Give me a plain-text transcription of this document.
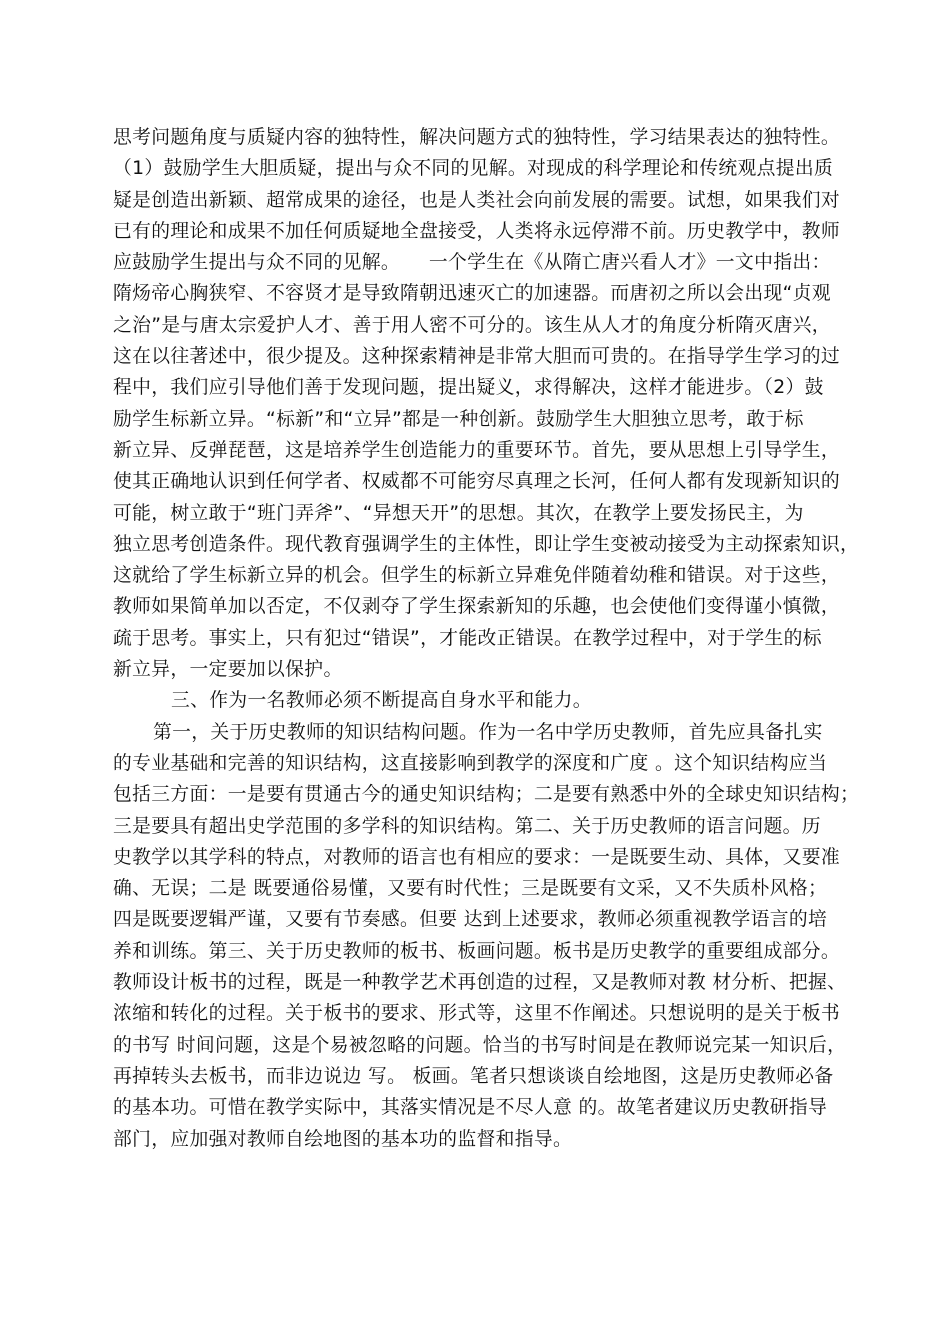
思考问题角度与质疑内容的独特性，解决问题方式的独特性，学习结果表达的独特性。
（1）鼓励学生大胆质疑，提出与众不同的见解。对现成的科学理论和传统观点提出质
疑是创造出新颖、超常成果的途径，也是人类社会向前发展的需要。试想，如果我们对
已有的理论和成果不加任何质疑地全盘接受，人类将永远停滞不前。历史教学中，教师
应鼓励学生提出与众不同的见解。　　一个学生在《从隋亡唐兴看人才》一文中指出：
隋炀帝心胸狭窄、不容贤才是导致隋朝迅速灭亡的加速器。而唐初之所以会出现“贞观
之治”是与唐太宗爱护人才、善于用人密不可分的。该生从人才的角度分析隋灭唐兴，
这在以往著述中，很少提及。这种探索精神是非常大胆而可贵的。在指导学生学习的过
程中，我们应引导他们善于发现问题，提出疑义，求得解决，这样才能进步。（2）鼓
励学生标新立异。“标新”和“立异”都是一种创新。鼓励学生大胆独立思考，敢于标
新立异、反弹琵琶，这是培养学生创造能力的重要环节。首先，要从思想上引导学生，
使其正确地认识到任何学者、权威都不可能穷尽真理之长河，任何人都有发现新知识的
可能，树立敢于“班门弄斧”、“异想天开”的思想。其次，在教学上要发扬民主，为
独立思考创造条件。现代教育强调学生的主体性，即让学生变被动接受为主动探索知识，
这就给了学生标新立异的机会。但学生的标新立异难免伴随着幼稚和错误。对于这些，
教师如果简单加以否定，不仅剥夺了学生探索新知的乐趣，也会使他们变得谨小慎微，
疏于思考。事实上，只有犯过“错误”，才能改正错误。在教学过程中，对于学生的标
新立异，一定要加以保护。
三、作为一名教师必须不断提高自身水平和能力。
第一，关于历史教师的知识结构问题。作为一名中学历史教师，首先应具备扎实
的专业基础和完善的知识结构，这直接影响到教学的深度和广度 。这个知识结构应当
包括三方面：一是要有贯通古今的通史知识结构；二是要有熟悉中外的全球史知识结构；
三是要具有超出史学范围的多学科的知识结构。第二、关于历史教师的语言问题。历
史教学以其学科的特点，对教师的语言也有相应的要求：一是既要生动、具体，又要准
确、无误；二是 既要通俗易懂，又要有时代性；三是既要有文采，又不失质朴风格；
四是既要逻辑严谨，又要有节奏感。但要 达到上述要求，教师必须重视教学语言的培
养和训练。第三、关于历史教师的板书、板画问题。板书是历史教学的重要组成部分。
教师设计板书的过程，既是一种教学艺术再创造的过程，又是教师对教 材分析、把握、
浓缩和转化的过程。关于板书的要求、形式等，这里不作阐述。只想说明的是关于板书
的书写 时间问题，这是个易被忽略的问题。恰当的书写时间是在教师说完某一知识后，
再掉转头去板书，而非边说边 写。 板画。笔者只想谈谈自绘地图，这是历史教师必备
的基本功。可惜在教学实际中，其落实情况是不尽人意 的。故笔者建议历史教研指导
部门，应加强对教师自绘地图的基本功的监督和指导。
